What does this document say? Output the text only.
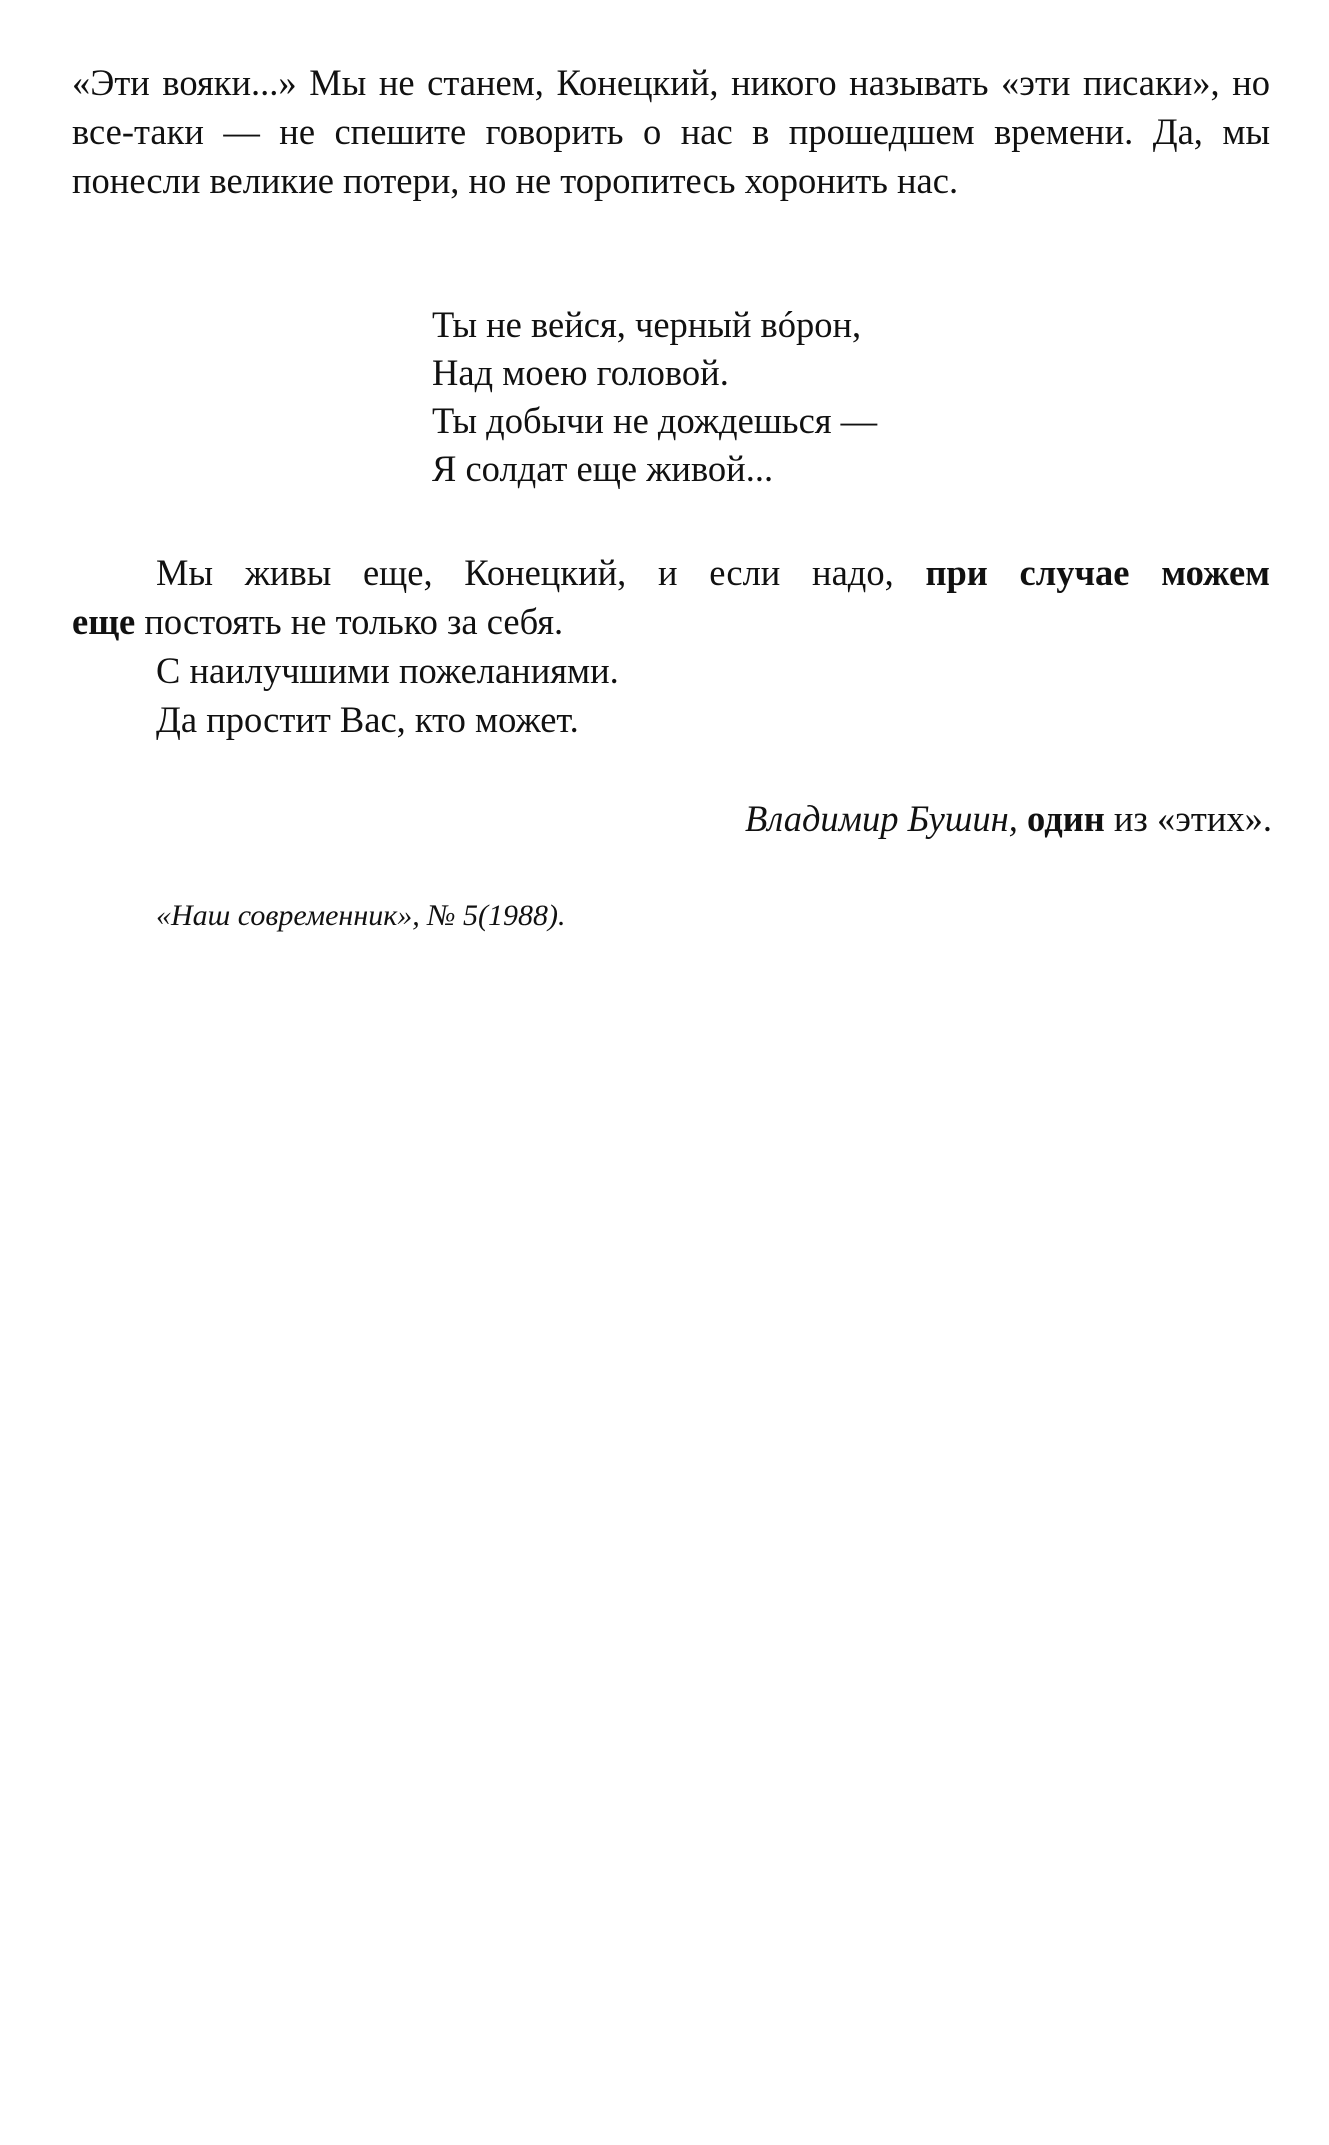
«Эти вояки...» Мы не станем, Конецкий, никого называть «эти писаки», но все-таки — не спешите говорить о нас в прошедшем времени. Да, мы понесли великие потери, но не торопитесь хоронить нас.

Ты не вейся, черный вóрон,
Над моею головой.
Ты добычи не дождешься —
Я солдат еще живой...
Мы живы еще, Конецкий, и если надо, при случае можем
еще постоять не только за себя.
С наилучшими пожеланиями.
Да простит Вас, кто может.
Владимир Бушин, один из «этих».
«Наш современник», № 5(1988).
